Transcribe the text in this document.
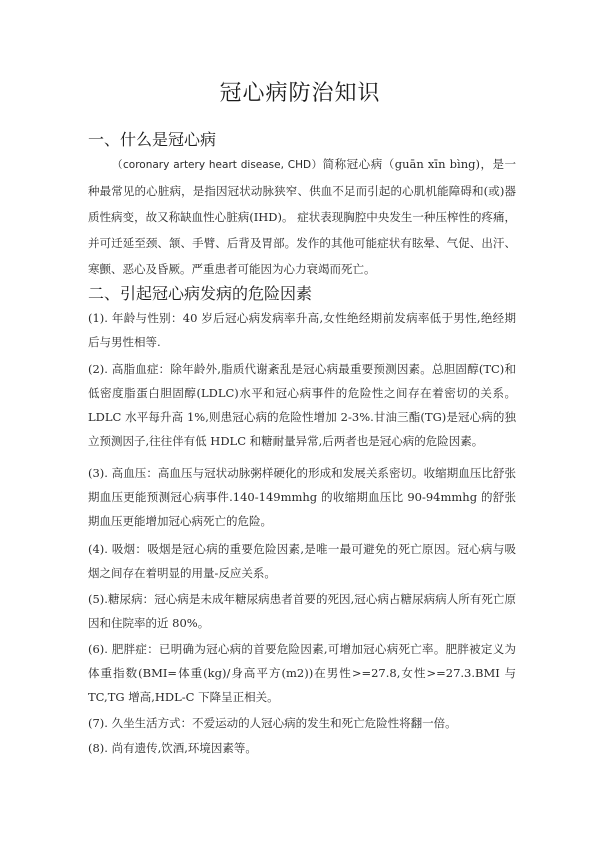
冠心病防治知识
一、什么是冠心病
（coronary artery heart disease, CHD）简称冠心病（guān xīn bìng)，是一种最常见的心脏病，是指因冠状动脉狭窄、供血不足而引起的心肌机能障碍和(或)器质性病变，故又称缺血性心脏病(IHD)。 症状表现胸腔中央发生一种压榨性的疼痛，并可迁延至颈、颔、手臂、后背及胃部。发作的其他可能症状有眩晕、气促、出汗、寒颤、恶心及昏厥。严重患者可能因为心力衰竭而死亡。
二、引起冠心病发病的危险因素
(1). 年龄与性别：40 岁后冠心病发病率升高,女性绝经期前发病率低于男性,绝经期后与男性相等.
(2). 高脂血症：除年龄外,脂质代谢紊乱是冠心病最重要预测因素。总胆固醇(TC)和低密度脂蛋白胆固醇(LDLC)水平和冠心病事件的危险性之间存在着密切的关系。LDLC 水平每升高 1%,则患冠心病的危险性增加 2-3%.甘油三酯(TG)是冠心病的独立预测因子,往往伴有低 HDLC 和糖耐量异常,后两者也是冠心病的危险因素。
(3). 高血压：高血压与冠状动脉粥样硬化的形成和发展关系密切。收缩期血压比舒张期血压更能预测冠心病事件.140-149mmhg 的收缩期血压比 90-94mmhg 的舒张期血压更能增加冠心病死亡的危险。
(4). 吸烟：吸烟是冠心病的重要危险因素,是唯一最可避免的死亡原因。冠心病与吸烟之间存在着明显的用量-反应关系。
(5).糖尿病：冠心病是未成年糖尿病患者首要的死因,冠心病占糖尿病病人所有死亡原因和住院率的近 80%。
(6). 肥胖症：已明确为冠心病的首要危险因素,可增加冠心病死亡率。肥胖被定义为体重指数(BMI=体重(kg)/身高平方(m2))在男性>=27.8,女性>=27.3.BMI 与 TC,TG 增高,HDL-C 下降呈正相关。
(7). 久坐生活方式：不爱运动的人冠心病的发生和死亡危险性将翻一倍。
(8). 尚有遗传,饮酒,环境因素等。
